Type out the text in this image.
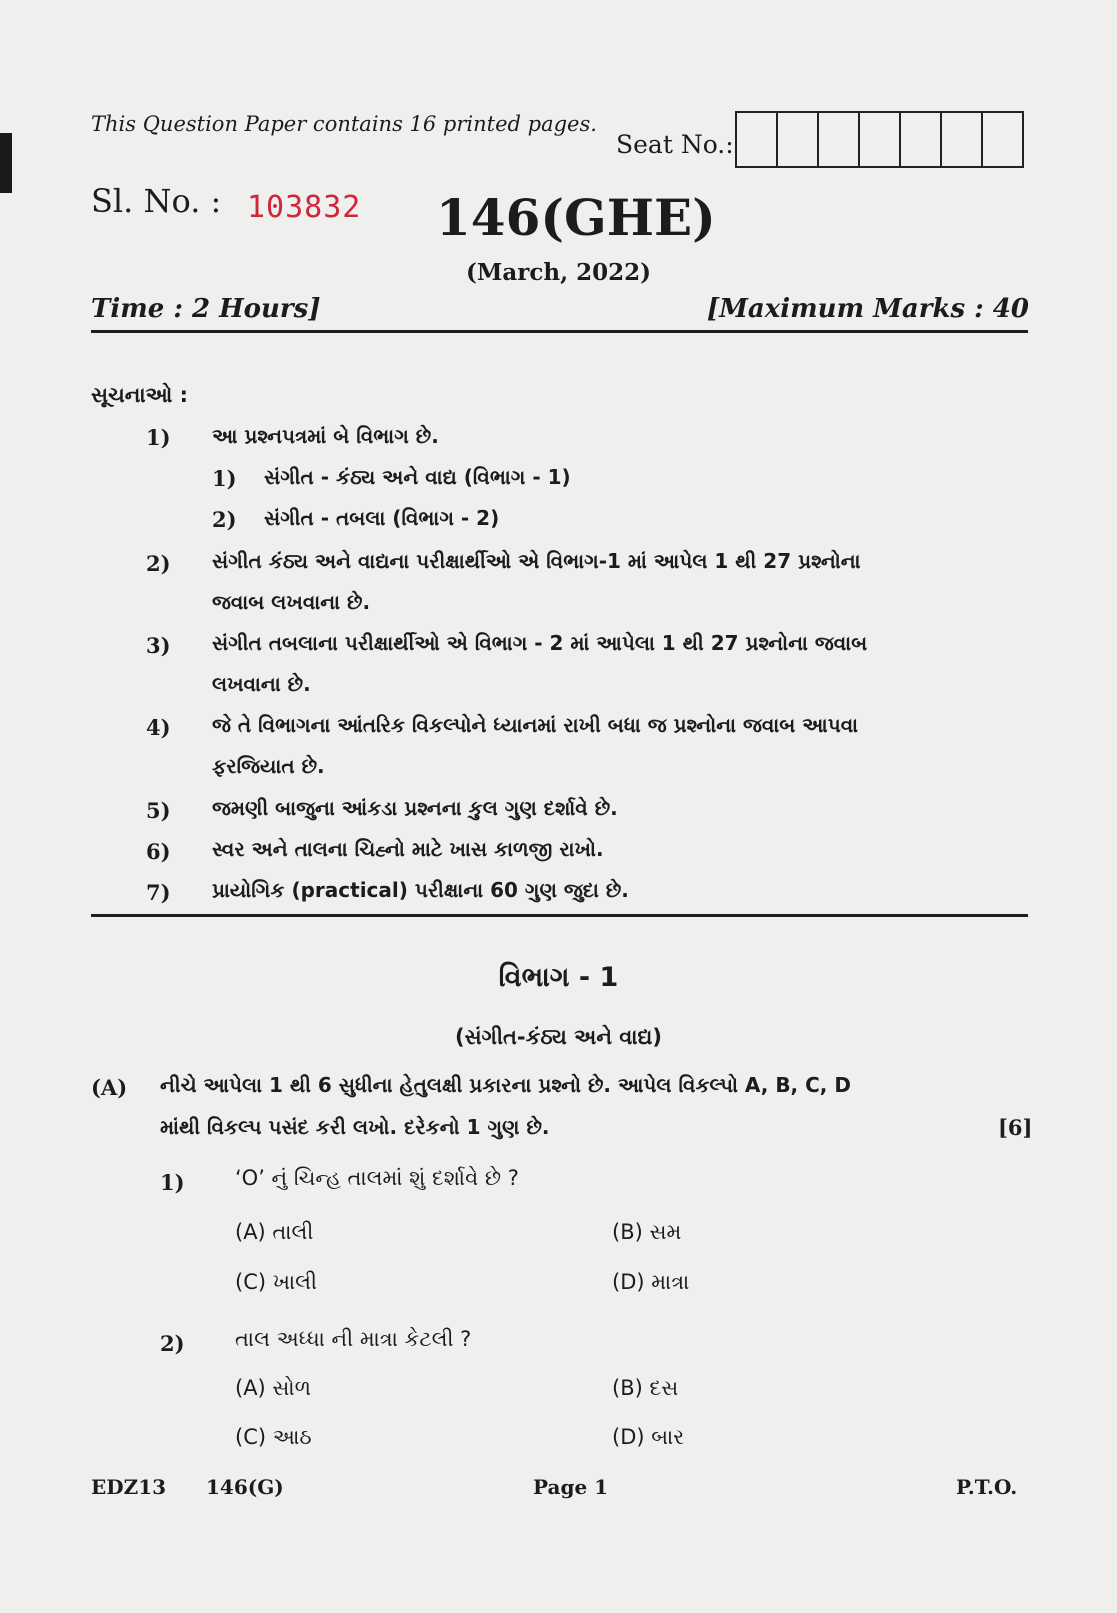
This Question Paper contains 16 printed pages.
Seat No.:
Sl. No. : 103832 146(GHE)
(March, 2022)
Time : 2 Hours]	[Maximum Marks : 40
સૂચનાઓ :
1) આ પ્રશ્નપત્રમાં બે વિભાગ છે.
1) સંગીત - કંઠ્ય અને વાદ્ય (વિભાગ - 1)
2) સંગીત - તબલા (વિભાગ - 2)
2) સંગીત કંઠ્ય અને વાદ્યના પરીક્ષાર્થીઓ એ વિભાગ-1 માં આપેલ 1 થી 27 પ્રશ્નોના
જવાબ લખવાના છે.
3) સંગીત તબલાના પરીક્ષાર્થીઓ એ વિભાગ - 2 માં આપેલા 1 થી 27 પ્રશ્નોના જવાબ
લખવાના છે.
4) જે તે વિભાગના આંતરિક વિકલ્પોને ધ્યાનમાં રાખી બધા જ પ્રશ્નોના જવાબ આપવા
ફરજિયાત છે.
5) જમણી બાજુના આંકડા પ્રશ્નના કુલ ગુણ દર્શાવે છે.
6) સ્વર અને તાલના ચિહ્નો માટે ખાસ કાળજી રાખો.
7) પ્રાયોગિક (practical) પરીક્ષાના 60 ગુણ જુદા છે.
વિભાગ - 1
(સંગીત-કંઠ્ય અને વાદ્ય)
(A) નીચે આપેલા 1 થી 6 સુધીના હેતુલક્ષી પ્રકારના પ્રશ્નો છે. આપેલ વિકલ્પો A, B, C, D
માંથી વિકલ્પ પસંદ કરી લખો. દરેકનો 1 ગુણ છે.	[6]
1) ‘O’ નું ચિન્હ તાલમાં શું દર્શાવે છે ?
(A) તાલી	(B) સમ
(C) ખાલી	(D) માત્રા
2) તાલ અધ્ધા ની માત્રા કેટલી ?
(A) સોળ	(B) દસ
(C) આઠ	(D) બાર
EDZ13 146(G)	Page 1	P.T.O.
